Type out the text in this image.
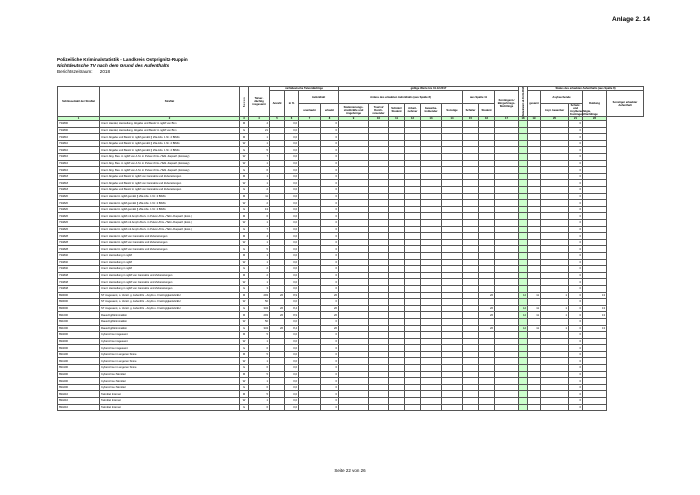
Anlage 2. 14
Polizeiliche Kriminalstatistik - Landkreis Ostprignitz-Ruppin
Nichtdeutsche TV nach dem Grund des Aufenthalts
Berichtszeitraum: 2018
Schlüsselzahl der Straftat	Straftat	S e x u s	Tatver- dächtig insgesamt	nichtdeutsche Tatverdächtige				gültige Werte bis 31.12.2017									Aktualisiert ab 01.01.2018	Status des erlaubten Aufenthalts (aus Spalte 8)				
				Anzahl	in %	Aufenthalt		Anlass des erlaubten Aufenthalts (aus Spalte 8)						aus Spalte 11		Kontingent-/ Bürgerkriegs- flüchtlinge		gesamt	Asylsuchende		Duldung	Sonstiger erlaubter Aufenthalt
						unerlaubt	erlaubt	Stationierungs- streitkräfte und Angehörige	Tourist/ Durch- reisender	Schüler/ Student	Arbeit- nehmer	Gewerbe- treibender	Sonstige	Schüler	Student				Asyl- bewerber	Schutz- und Asylberechtigte, Kontingentflüchtlinge		
1	2	3	4	5	6	7	8	9	10	11	12	13	14	15	16	17	18	19	20	21	22	
734800	Unerl. Handel, Herstellung, Abgabe und Besitz in nglM von Btm	M	4		0,0		0													0		
734800	Unerl. Handel, Herstellung, Abgabe und Besitz in nglM von Btm	G	21		0,0		0													0		
734810	Unerl. Abgabe und Besitz in nglM gemäß § 29a Abs. 1 Nr. 2 BtMG	M	1		0,0		0													0		
734810	Unerl. Abgabe und Besitz in nglM gemäß § 29a Abs. 1 Nr. 2 BtMG	W	1		0,0		0													0		
734810	Unerl. Abgabe und Besitz in nglM gemäß § 29a Abs. 1 Nr. 2 BtMG	G	5		0,0		0													0		
734816	Unerl. Abg. Bes. in nglM von A.St. in Pulver-/Kris.-/Tabl.-Kapself. (Ecstasy)	W	7		0,0		0													0		
734816	Unerl. Abg. Bes. in nglM von A.St. in Pulver-/Kris.-/Tabl.-Kapself. (Ecstasy)	W	1		0,0		0													0		
734816	Unerl. Abg. Bes. in nglM von A.St. in Pulver-/Kris.-/Tabl.-Kapself. (Ecstasy)	G	6		0,0		0													0		
734818	Unerl. Abgabe und Besitz in nglM von Cannabis und Zubereitungen	M	1		0,0		0													0		
734818	Unerl. Abgabe und Besitz in nglM von Cannabis und Zubereitungen	W	1		0,0		0													0		
734818	Unerl. Abgabe und Besitz in nglM von Cannabis und Zubereitungen	G	2		0,0		0													0		
734820	Unerl. Handel in nglM gemäß § 29a Abs. 1 Nr. 2 BtMG	M	11		0,0		0													0		
734820	Unerl. Handel in nglM gemäß § 29a Abs. 1 Nr. 2 BtMG	W	2		0,0		0													0		
734820	Unerl. Handel in nglM gemäß § 29a Abs. 1 Nr. 2 BtMG	G	13		0,0		0													0		
734826	Unerl. Handel in nglM mit Amph./Derv. in Pulver-/Kris.-/Tabl.-/Kapself. (Ecst.)	M	6		0,0		0													0		
734826	Unerl. Handel in nglM mit Amph./Derv. in Pulver-/Kris.-/Tabl.-/Kapself. (Ecst.)	W	1		0,0		0													0		
734826	Unerl. Handel in nglM mit Amph./Derv. in Pulver-/Kris.-/Tabl.-/Kapself. (Ecst.)	G	7		0,0		0													0		
734828	Unerl. Handel in nglM von Cannabis und Zubereitungen	M	4		0,0		0													0		
734828	Unerl. Handel in nglM von Cannabis und Zubereitungen	W	1		0,0		0													0		
734828	Unerl. Handel in nglM von Cannabis und Zubereitungen	G	5		0,0		0													0		
734840	Unerl. Herstellung in nglM	M	1		0,0		0													0		
734840	Unerl. Herstellung in nglM	W	1		0,0		0													0		
734840	Unerl. Herstellung in nglM	G	2		0,0		0													0		
734848	Unerl. Herstellung in nglM von Cannabis und Zubereitungen	M	2		0,0		0													0		
734848	Unerl. Herstellung in nglM von Cannabis und Zubereitungen	W	1		0,0		0													0		
734848	Unerl. Herstellung in nglM von Cannabis und Zubereitungen	G	3		0,0		0													0		
890000	ST insgesamt, o. Verstl. g. AufenthG - AsylG u. FreizügigkeitsG/EU	M	293	26	8,9		26								26		12	11	1	0	13	
890000	ST insgesamt, o. Verstl. g. AufenthG - AsylG u. FreizügigkeitsG/EU	W	50		0,0		0													0		
890000	ST insgesamt, o. Verstl. g. AufenthG - AsylG u. FreizügigkeitsG/EU	G	343	26	8,4		26								26		12	11	1	0	13	
891000	Rauschgiftkriminalität	M	293	26	8,9		26								26		12	11	1	0	13	
891000	Rauschgiftkriminalität	W	50		0,0		0													0		
891000	Rauschgiftkriminalität	G	343	26	8,4		26								26		12	11	1	0	13	
894000	Cybercrime insgesamt	M	5		0,0		0													0		
894000	Cybercrime insgesamt	W	1		0,0		0													0		
894000	Cybercrime insgesamt	G	6		0,0		0													0		
894100	Cybercrime im engeren Sinne	M	5		0,0		0													0		
894100	Cybercrime im engeren Sinne	W	1		0,0		0													0		
894100	Cybercrime im engeren Sinne	G	6		0,0		0													0		
894200	Cybercrime-Tatmittel	M	5		0,0		0													0		
894200	Cybercrime-Tatmittel	W	1		0,0		0													0		
894200	Cybercrime-Tatmittel	G	6		0,0		0													0		
894210	Tatmittel Internet	M	5		0,0		0													0		
894210	Tatmittel Internet	W	1		0,0		0													0		
894210	Tatmittel Internet	G	6		0,0		0													0		
Seite 22 von 26
